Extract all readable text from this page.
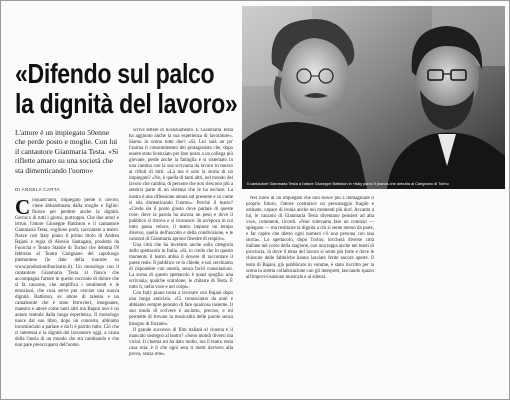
Il cantautore Gianmaria Testa a l'attore Giuseppe Battiston in «Italy piano 9 pianos che debutta al Carignano di Torino
«Difendo sul palco
la dignità del lavoro»
L'attore è un impiegato 50enne che perde posto e moglie. Con lui il cantautore Gianmaria Testa. «Si riflette amaro su una società che sta dimenticando l'uomo»
DI ANGELA CARTA

Cinquant'anni, impiegato perde il lavoro, viene abbandonato dalla moglie e figlioi: finisce per perdere anche la dignità. Cercacx di tutti i giorni, purtroppo. Che due attori e istrun. l'attore Giuseppe Battiston e il cantautore Gianmaria Testa, vogliono porti, raccontare a teatro. Nasce così Italy piano il primo titolo di Andrea Bajani e regia di Alessio Santagata, prodotto da Fuorcita e Teatro Stabile di Torino che debutta l'8 febbraio al Teatro Carignano del capoluogo piemontese (le date della tournée su www.produzionifuorisatto.it). Un monologo con il cantautore Gianmaria Testa al fianco che accompagna l'attore in questo racconto di dolore che si fa canzone, che amplifica i sentimenti e le emozioni, che cosa serve per cercare una nuova dignità. Battiston, ex attore di talento e un camaleonte che è stato ferrovieri, insegnante, maestro e attore come tanti altri ma Bajani non è un autore teatrale dalla lunga esperienza. Il monologo nasce dal suo libro, dopo un concerto, abbiamo incominciato a parlare e da lì è partito tutto. Ciò che ci interessa è la dignità del lavoratore oggi, a causa della l'ansia di un mondo che sta cambiando e che non pare preoccuparsi dell'uomo.

scrive lettere di licenziamento. E Gianmaria Testa ha aggiunto anche la sua esperienza di lavoratore». Siamo in scena tutte due? «Sì. Lui sarà un po' l'anima il consentimento del protagonista che, dopo essere stato licenziato per fare posto a un collega più giovane, perde anche la famiglia e si sistemato in una cantina con la sua scrivania da lavoro in mezzo ai rifiuti di tutti. «Là ma è solo la storia di un impiegato? «No, è quella di tanti altri, nel mondo del lavoro che cambia, di persone che non riescono più a sentirsi parte di un sistema che le ha escluse. La nostra è una riflessione amara sul presente e su come si stia dimenticando l'uomo». Perché il teatro? «Credo sia il posto giusto dove parlare di queste cose, dove la parola ha ancora un peso e dove il pubblico si ritrova e si riconosce. In un'epoca in cui tutto passa veloce, il teatro impone un tempo diverso, quello dell'ascolto e della condivisione, e le canzoni di Gianmaria aprono finestre di respiro».

Una città che ha investito anche sulla categoria dello spettacolo in Italia. «Sì, io credo che in questo momento il teatro abbia il dovere di raccontare il paese reale. Il pubblico ce lo chiede, e noi cerchiamo di rispondere con onestà, senza facili consolazioni. La scena di questo spettacolo è quasi spoglia: una scrivania, qualche scatolone, le chitarre di Testa. È tutto lì, nella voce e nei corpi».

Con Italy piano torna a lavorare con Bajani dopo una lunga amicizia. «Ci conosciamo da anni e abbiamo sempre pensato di fare qualcosa insieme. Il suo modo di scrivere è asciutto, preciso, e mi permette di trovare la musicalità delle parole senza bisogno di forzare».

Il grande successo di film italiani al cinema e il mancato sostegno al teatro? «Sono mondi diversi ma vicini. Il cinema mi ha dato molto, ma il teatro resta casa mia: è lì che ogni sera ti metti davvero alla prova, senza rete».

Nel ruolo di un impiegato che non riesce più a immaginare il proprio futuro, l'attore costruisce un personaggio fragile e ostinato, capace di ironia anche nei momenti più duri. Accanto a lui, le canzoni di Gianmaria Testa diventano pensieri ad alta voce, commenti, ricordi. «Non volevamo fare un comizio — spiegano — ma restituire la dignità a chi si sente messo da parte, e far capire che dietro ogni numero c'è una persona con una storia». Lo spettacolo, dopo Torino, toccherà diverse città italiane nel corso della stagione, con una tappa anche nei teatri di provincia, là dove il tema del lavoro si sente più forte e dove le chiusure delle fabbriche hanno lasciato ferite ancora aperte. Il testo di Bajani, già pubblicato in volume, è stato riscritto per la scena in stretta collaborazione con gli interpreti, lasciando spazio all'improvvisazione musicale e ai silenzi.
